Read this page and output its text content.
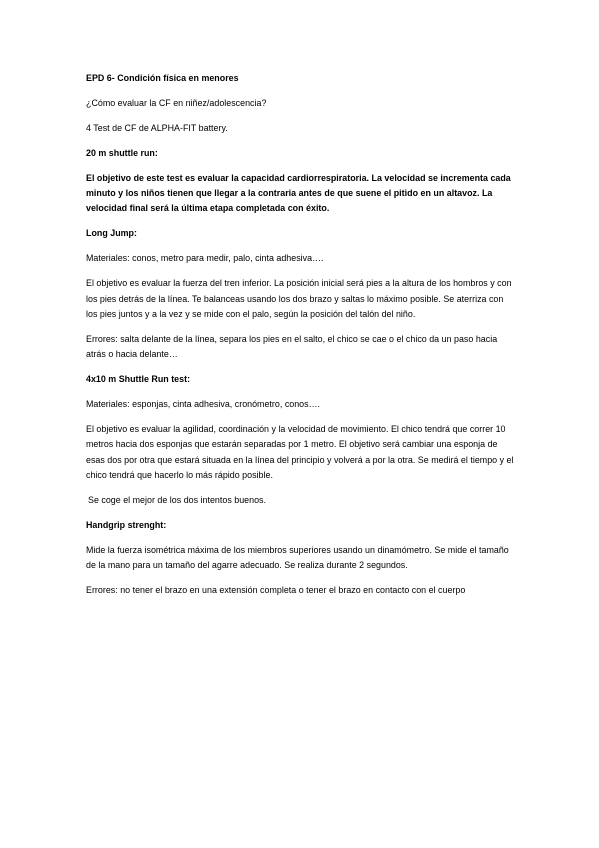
EPD 6- Condición física en menores

¿Cómo evaluar la CF en niñez/adolescencia?

4 Test de CF de ALPHA-FIT battery.

20 m shuttle run:

El objetivo de este test es evaluar la capacidad cardiorrespiratoria. La velocidad se incrementa cada minuto y los niños tienen que llegar a la contraria antes de que suene el pitido en un altavoz. La velocidad final será la última etapa completada con éxito.

Long Jump:

Materiales: conos, metro para medir, palo, cinta adhesiva….

El objetivo es evaluar la fuerza del tren inferior. La posición inicial será pies a la altura de los hombros y con los pies detrás de la línea. Te balanceas usando los dos brazo y saltas lo máximo posible. Se aterriza con los pies juntos y a la vez y se mide con el palo, según la posición del talón del niño.

Errores: salta delante de la línea, separa los pies en el salto, el chico se cae o el chico da un paso hacia atrás o hacia delante…

4x10 m Shuttle Run test:

Materiales: esponjas, cinta adhesiva, cronómetro, conos….

El objetivo es evaluar la agilidad, coordinación y la velocidad de movimiento. El chico tendrá que correr 10 metros hacia dos esponjas que estarán separadas por 1 metro. El objetivo será cambiar una esponja de esas dos por otra que estará situada en la línea del principio y volverá a por la otra. Se medirá el tiempo y el chico tendrá que hacerlo lo más rápido posible.

Se coge el mejor de los dos intentos buenos.

Handgrip strenght:

Mide la fuerza isométrica máxima de los miembros superiores usando un dinamómetro. Se mide el tamaño de la mano para un tamaño del agarre adecuado. Se realiza durante 2 segundos.

Errores: no tener el brazo en una extensión completa o tener el brazo en contacto con el cuerpo
